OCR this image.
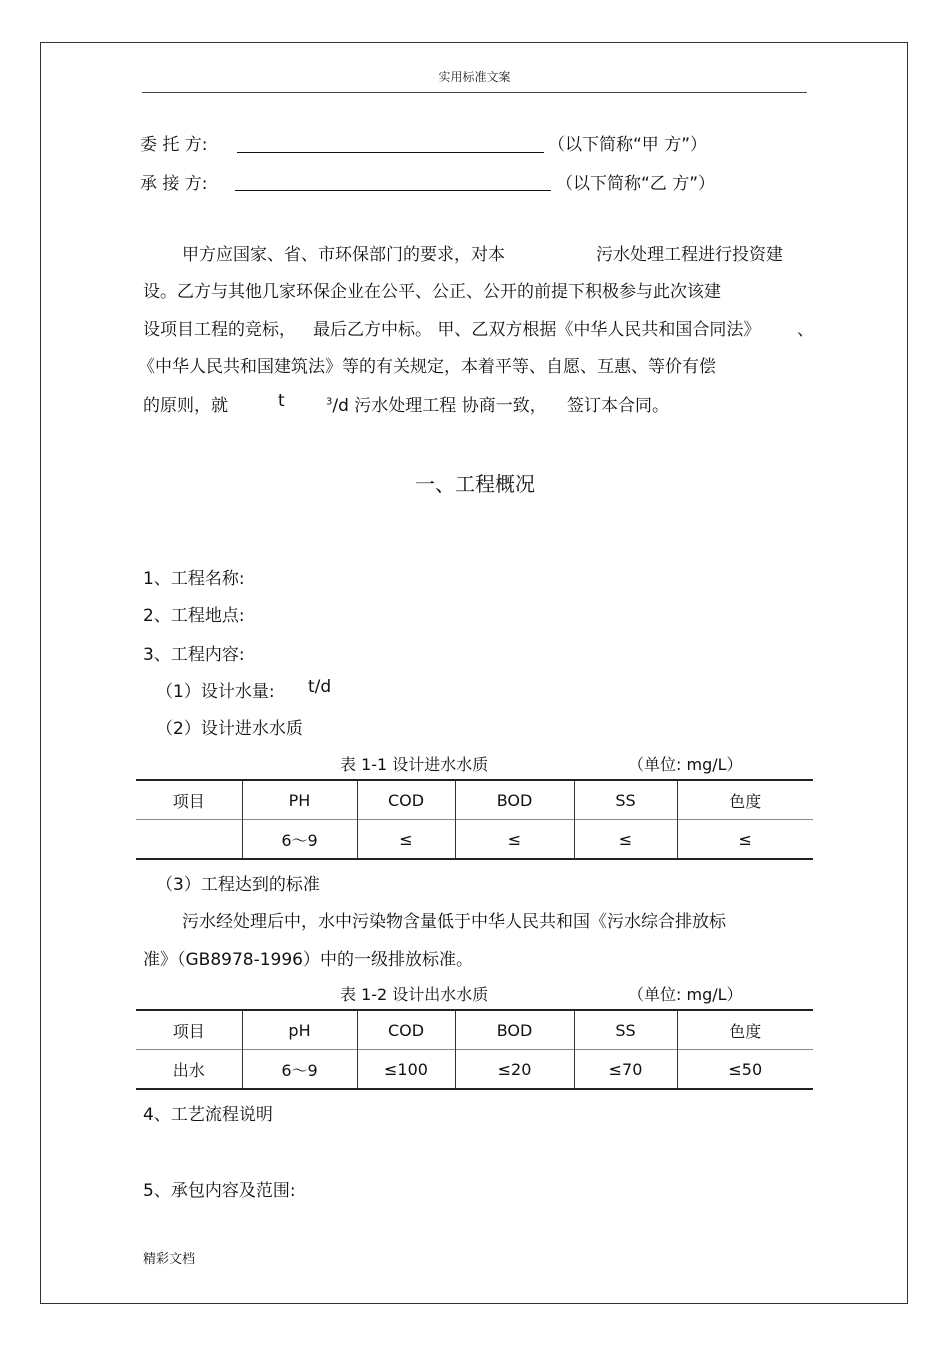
实用标准文案
委 托 方:	（以下简称“甲 方”）
承 接 方:	（以下简称“乙 方”）
甲方应国家、省、市环保部门的要求，对本	污水处理工程进行投资建
设。乙方与其他几家环保企业在公平、公正、公开的前提下积极参与此次该建
设项目工程的竞标， 最后乙方中标。 甲、乙双方根据《中华人民共和国合同法》 、
《中华人民共和国建筑法》等的有关规定，本着平等、自愿、互惠、等价有偿
的原则，就	t	$^3$/d 污水处理工程 协商一致， 签订本合同。
一、工程概况
1、工程名称:
2、工程地点:
3、工程内容:
（1）设计水量: t/d
（2）设计进水水质
表 1-1 设计进水水质	（单位: mg/L）
项目	PH	COD	BOD	SS	色度
	6～9	≤	≤	≤	≤
（3）工程达到的标准
污水经处理后中，水中污染物含量低于中华人民共和国《污水综合排放标
准》（GB8978-1996）中的一级排放标准。
表 1-2 设计出水水质	（单位: mg/L）
项目	pH	COD	BOD	SS	色度
出水	6～9	≤100	≤20	≤70	≤50
4、工艺流程说明
5、承包内容及范围:
精彩文档
